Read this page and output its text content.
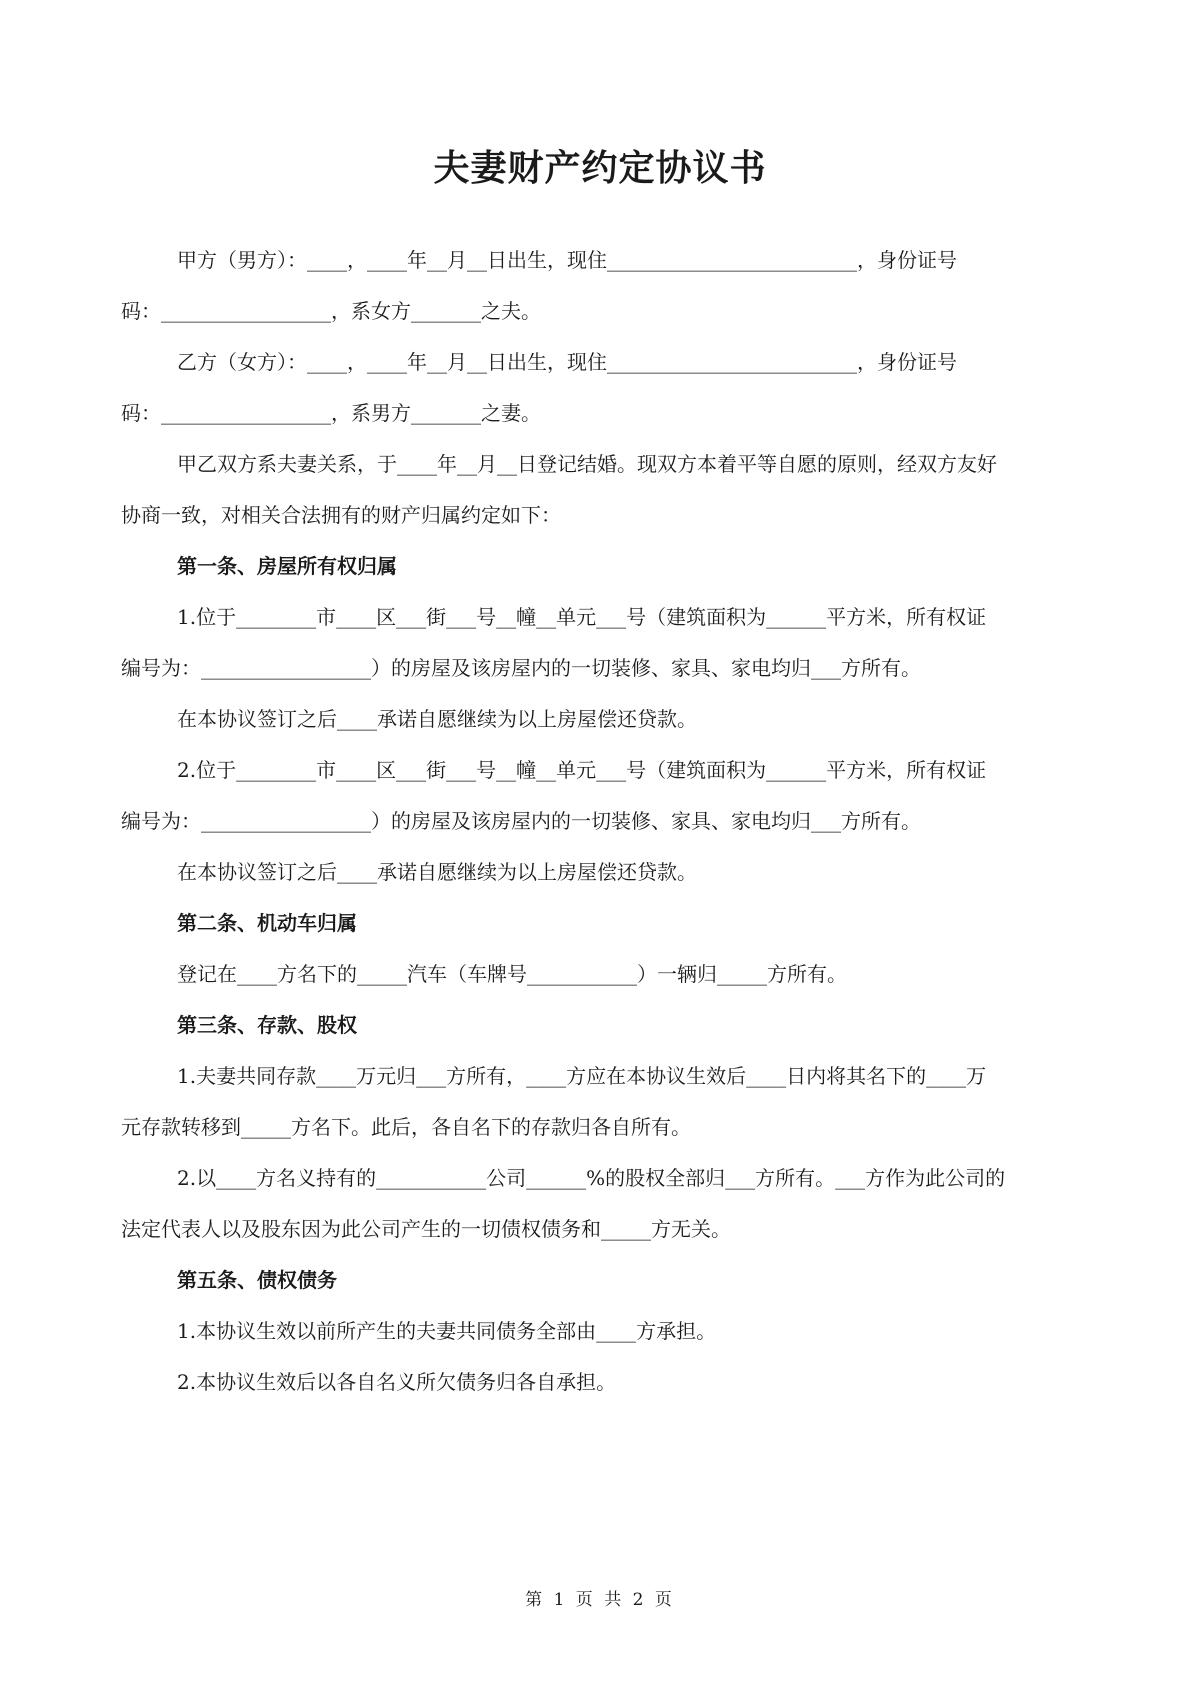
夫妻财产约定协议书

甲方（男方）：____，____年__月__日出生，现住_________________________，身份证号

码：_________________，系女方_______之夫。

乙方（女方）：____，____年__月__日出生，现住_________________________，身份证号

码：_________________，系男方_______之妻。

甲乙双方系夫妻关系，于____年__月__日登记结婚。现双方本着平等自愿的原则，经双方友好

协商一致，对相关合法拥有的财产归属约定如下：

第一条、房屋所有权归属

1.位于________市____区___街___号__幢__单元___号（建筑面积为______平方米，所有权证

编号为：_________________）的房屋及该房屋内的一切装修、家具、家电均归___方所有。

在本协议签订之后____承诺自愿继续为以上房屋偿还贷款。

2.位于________市____区___街___号__幢__单元___号（建筑面积为______平方米，所有权证

编号为：_________________）的房屋及该房屋内的一切装修、家具、家电均归___方所有。

在本协议签订之后____承诺自愿继续为以上房屋偿还贷款。

第二条、机动车归属

登记在____方名下的_____汽车（车牌号___________）一辆归_____方所有。

第三条、存款、股权

1.夫妻共同存款____万元归___方所有，____方应在本协议生效后____日内将其名下的____万

元存款转移到_____方名下。此后，各自名下的存款归各自所有。

2.以____方名义持有的___________公司______%的股权全部归___方所有。___方作为此公司的

法定代表人以及股东因为此公司产生的一切债权债务和_____方无关。

第五条、债权债务

1.本协议生效以前所产生的夫妻共同债务全部由____方承担。

2.本协议生效后以各自名义所欠债务归各自承担。

第 1 页 共 2 页
